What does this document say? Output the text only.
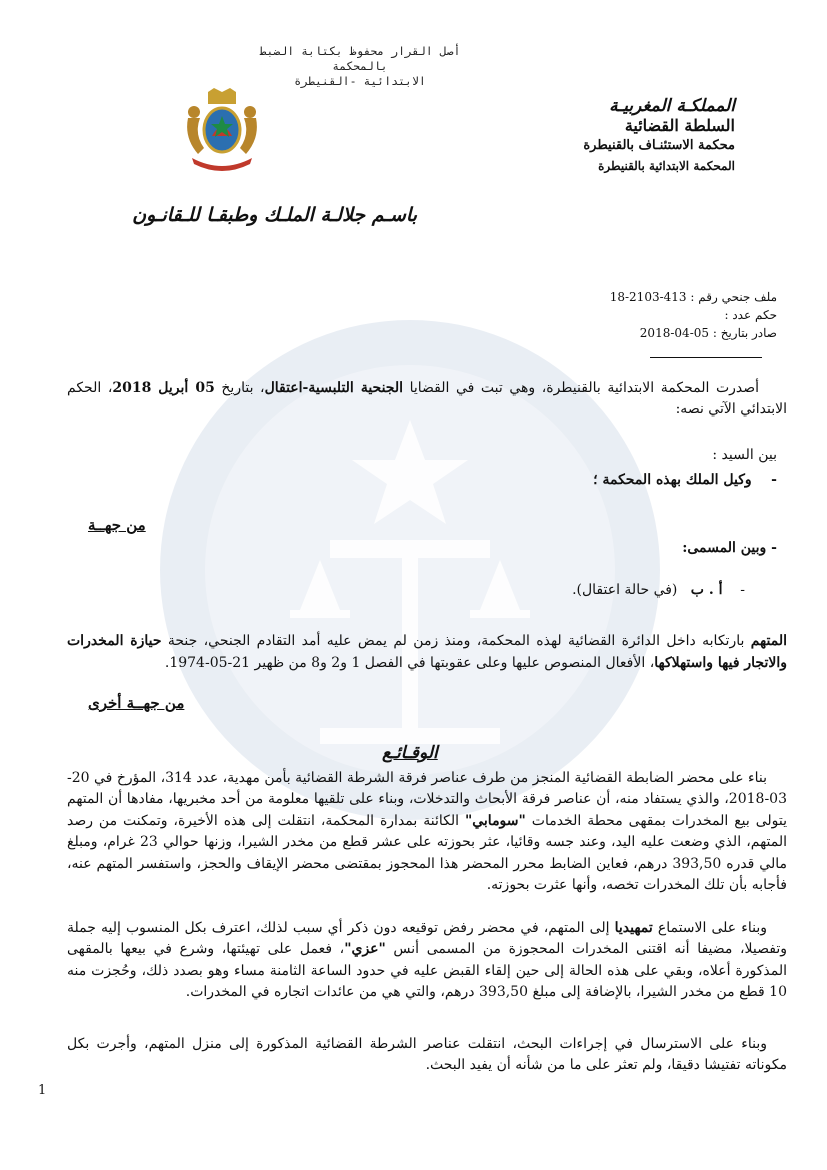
أصل القرار محفوظ بكتابة الضبط بالمحكمة
الابتدائية -القنيطرة
المملكـة المغربيـة
السلطة القضائية
محكمة الاستئنـاف بالقنيطرة
المحكمة الابتدائية بالقنيطرة
باسـم جلالـة الملـك وطبقـا للـقانـون
ملف جنحي رقم : 413-2103-18
حكم عدد :
صادر بتاريخ : 05-04-2018
أصدرت المحكمة الابتدائية بالقنيطرة، وهي تبت في القضايا الجنحية التلبسية-اعتقال، بتاريخ 05 أبريل 2018، الحكم الابتدائي الآتي نصه:
بين السيد :
-    وكيل الملك بهذه المحكمة ؛
من جهــة
- وبين المسمى:
-    أ . ب   (في حالة اعتقال).
المتهم بارتكابه داخل الدائرة القضائية لهذه المحكمة، ومنذ زمن لم يمض عليه أمد التقادم الجنحي، جنحة حيازة المخدرات والاتجار فيها واستهلاكها، الأفعال المنصوص عليها وعلى عقوبتها في الفصل 1 و2 و8 من ظهير 21-05-1974.
من جهــة أخرى
الوقـائـع
بناء على محضر الضابطة القضائية المنجز من طرف عناصر فرقة الشرطة القضائية بأمن مهدية، عدد 314، المؤرخ في 20-03-2018، والذي يستفاد منه، أن عناصر فرقة الأبحاث والتدخلات، وبناء على تلقيها معلومة من أحد مخبريها، مفادها أن المتهم يتولى بيع المخدرات بمقهى محطة الخدمات "سومابي" الكائنة بمدارة المحكمة، انتقلت إلى هذه الأخيرة، وتمكنت من رصد المتهم، الذي وضعت عليه اليد، وعند جسه وقائيا، عثر بحوزته على عشر قطع من مخدر الشيرا، وزنها حوالي 23 غرام، ومبلغ مالي قدره 393,50 درهم، فعاين الضابط محرر المحضر هذا المحجوز بمقتضى محضر الإيقاف والحجز، واستفسر المتهم عنه، فأجابه بأن تلك المخدرات تخصه، وأنها عثرت بحوزته.
وبناء على الاستماع تمهيديا إلى المتهم، في محضر رفض توقيعه دون ذكر أي سبب لذلك، اعترف بكل المنسوب إليه جملة وتفصيلا، مضيفا أنه اقتنى المخدرات المحجوزة من المسمى أنس "عزي"، فعمل على تهيئتها، وشرع في بيعها بالمقهى المذكورة أعلاه، وبقي على هذه الحالة إلى حين إلقاء القبض عليه في حدود الساعة الثامنة مساء وهو بصدد ذلك، وحُجزت منه 10 قطع من مخدر الشيرا، بالإضافة إلى مبلغ 393,50 درهم، والتي هي من عائدات اتجاره في المخدرات.
وبناء على الاسترسال في إجراءات البحث، انتقلت عناصر الشرطة القضائية المذكورة إلى منزل المتهم، وأجرت بكل مكوناته تفتيشا دقيقا، ولم تعثر على ما من شأنه أن يفيد البحث.
1
